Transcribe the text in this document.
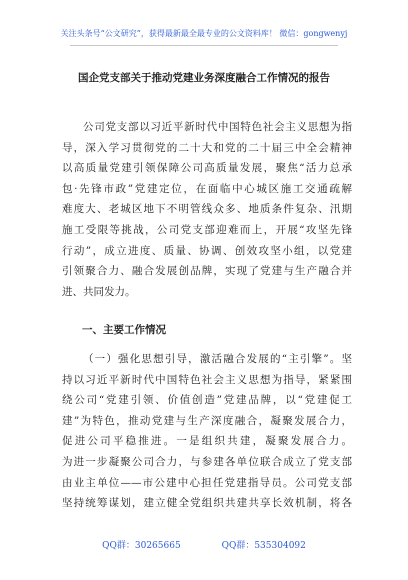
关注头条号“公文研究”，获得最新最全最专业的公文资料库！ 微信：gongwenyj
国企党支部关于推动党建业务深度融合工作情况的报告
公司党支部以习近平新时代中国特色社会主义思想为指
导，深入学习贯彻党的二十大和党的二十届三中全会精神
以高质量党建引领保障公司高质量发展，聚焦“活力总承
包·先锋市政”党建定位，在面临中心城区施工交通疏解
难度大、老城区地下不明管线众多、地质条件复杂、汛期
施工受限等挑战，公司党支部迎难而上，开展“攻坚先锋
行动”，成立进度、质量、协调、创效攻坚小组，以党建
引领聚合力、融合发展创品牌，实现了党建与生产融合并
进、共同发力。
一、主要工作情况
（一）强化思想引导，激活融合发展的“主引擎”。坚
持以习近平新时代中国特色社会主义思想为指导，紧紧围
绕公司“党建引领、价值创造”党建品牌，以“党建促工
建”为特色，推动党建与生产深度融合，凝聚发展合力，
促进公司平稳推进。一是组织共建，凝聚发展合力。
为进一步凝聚公司合力，与参建各单位联合成立了党支部
由业主单位——市公建中心担任党建指导员。公司党支部
坚持统筹谋划，建立健全党组织共建共享长效机制，将各
QQ群：30265665	QQ群：535304092
